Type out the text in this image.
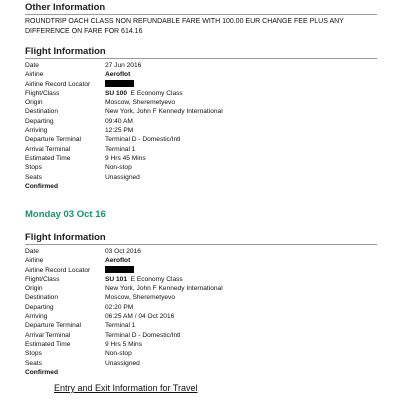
Other Information
ROUNDTRIP OACH CLASS NON REFUNDABLE FARE WITH 100.00 EUR CHANGE FEE PLUS ANY DIFFERENCE ON FARE FOR 614.16
Flight Information
Date	27 Jun 2016
Airline	Aeroflot
Airline Record Locator
Flight/Class	SU 100 E Economy Class
Origin	Moscow, Sheremetyevo
Destination	New York, John F Kennedy International
Departing	09:40 AM
Arriving	12:25 PM
Departure Terminal	Terminal D - Domestic/Intl
Arrival Terminal	Terminal 1
Estimated Time	9 Hrs 45 Mins
Stops	Non-stop
Seats	Unassigned
Confirmed
Monday 03 Oct 16
Flight Information
Date	03 Oct 2016
Airline	Aeroflot
Airline Record Locator
Flight/Class	SU 101 E Economy Class
Origin	New York, John F Kennedy International
Destination	Moscow, Sheremetyevo
Departing	02:20 PM
Arriving	06:25 AM / 04 Oct 2016
Departure Terminal	Terminal 1
Arrival Terminal	Terminal D - Domestic/Intl
Estimated Time	9 Hrs 5 Mins
Stops	Non-stop
Seats	Unassigned
Confirmed
Entry and Exit Information for Travel
